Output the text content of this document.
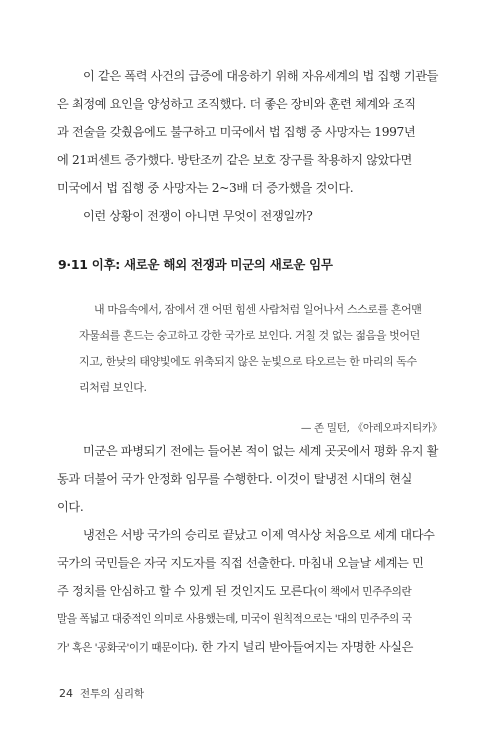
이 같은 폭력 사건의 급증에 대응하기 위해 자유세계의 법 집행 기관들
은 최정예 요인을 양성하고 조직했다. 더 좋은 장비와 훈련 체계와 조직
과 전술을 갖췄음에도 불구하고 미국에서 법 집행 중 사망자는 1997년
에 21퍼센트 증가했다. 방탄조끼 같은 보호 장구를 착용하지 않았다면
미국에서 법 집행 중 사망자는 2~3배 더 증가했을 것이다.
이런 상황이 전쟁이 아니면 무엇이 전쟁일까?
9·11 이후: 새로운 해외 전쟁과 미군의 새로운 임무
내 마음속에서, 잠에서 갠 어떤 힘센 사람처럼 일어나서 스스로를 흔어맨
자물쇠를 흔드는 숭고하고 강한 국가로 보인다. 거칠 것 없는 젊음을 벗어던
지고, 한낮의 태양빛에도 위축되지 않은 눈빛으로 타오르는 한 마리의 독수
리처럼 보인다.
— 존 밀턴, 《아레오파지티카》
미군은 파병되기 전에는 들어본 적이 없는 세계 곳곳에서 평화 유지 활
동과 더불어 국가 안정화 임무를 수행한다. 이것이 탈냉전 시대의 현실
이다.
냉전은 서방 국가의 승리로 끝났고 이제 역사상 처음으로 세계 대다수
국가의 국민들은 자국 지도자를 직접 선출한다. 마침내 오늘날 세계는 민
주 정치를 안심하고 할 수 있게 된 것인지도 모른다(이 책에서 민주주의란
말을 폭넓고 대중적인 의미로 사용했는데, 미국이 원칙적으로는 '대의 민주주의 국
가' 혹은 '공화국'이기 때문이다). 한 가지 널리 받아들여지는 자명한 사실은
24 전투의 심리학
